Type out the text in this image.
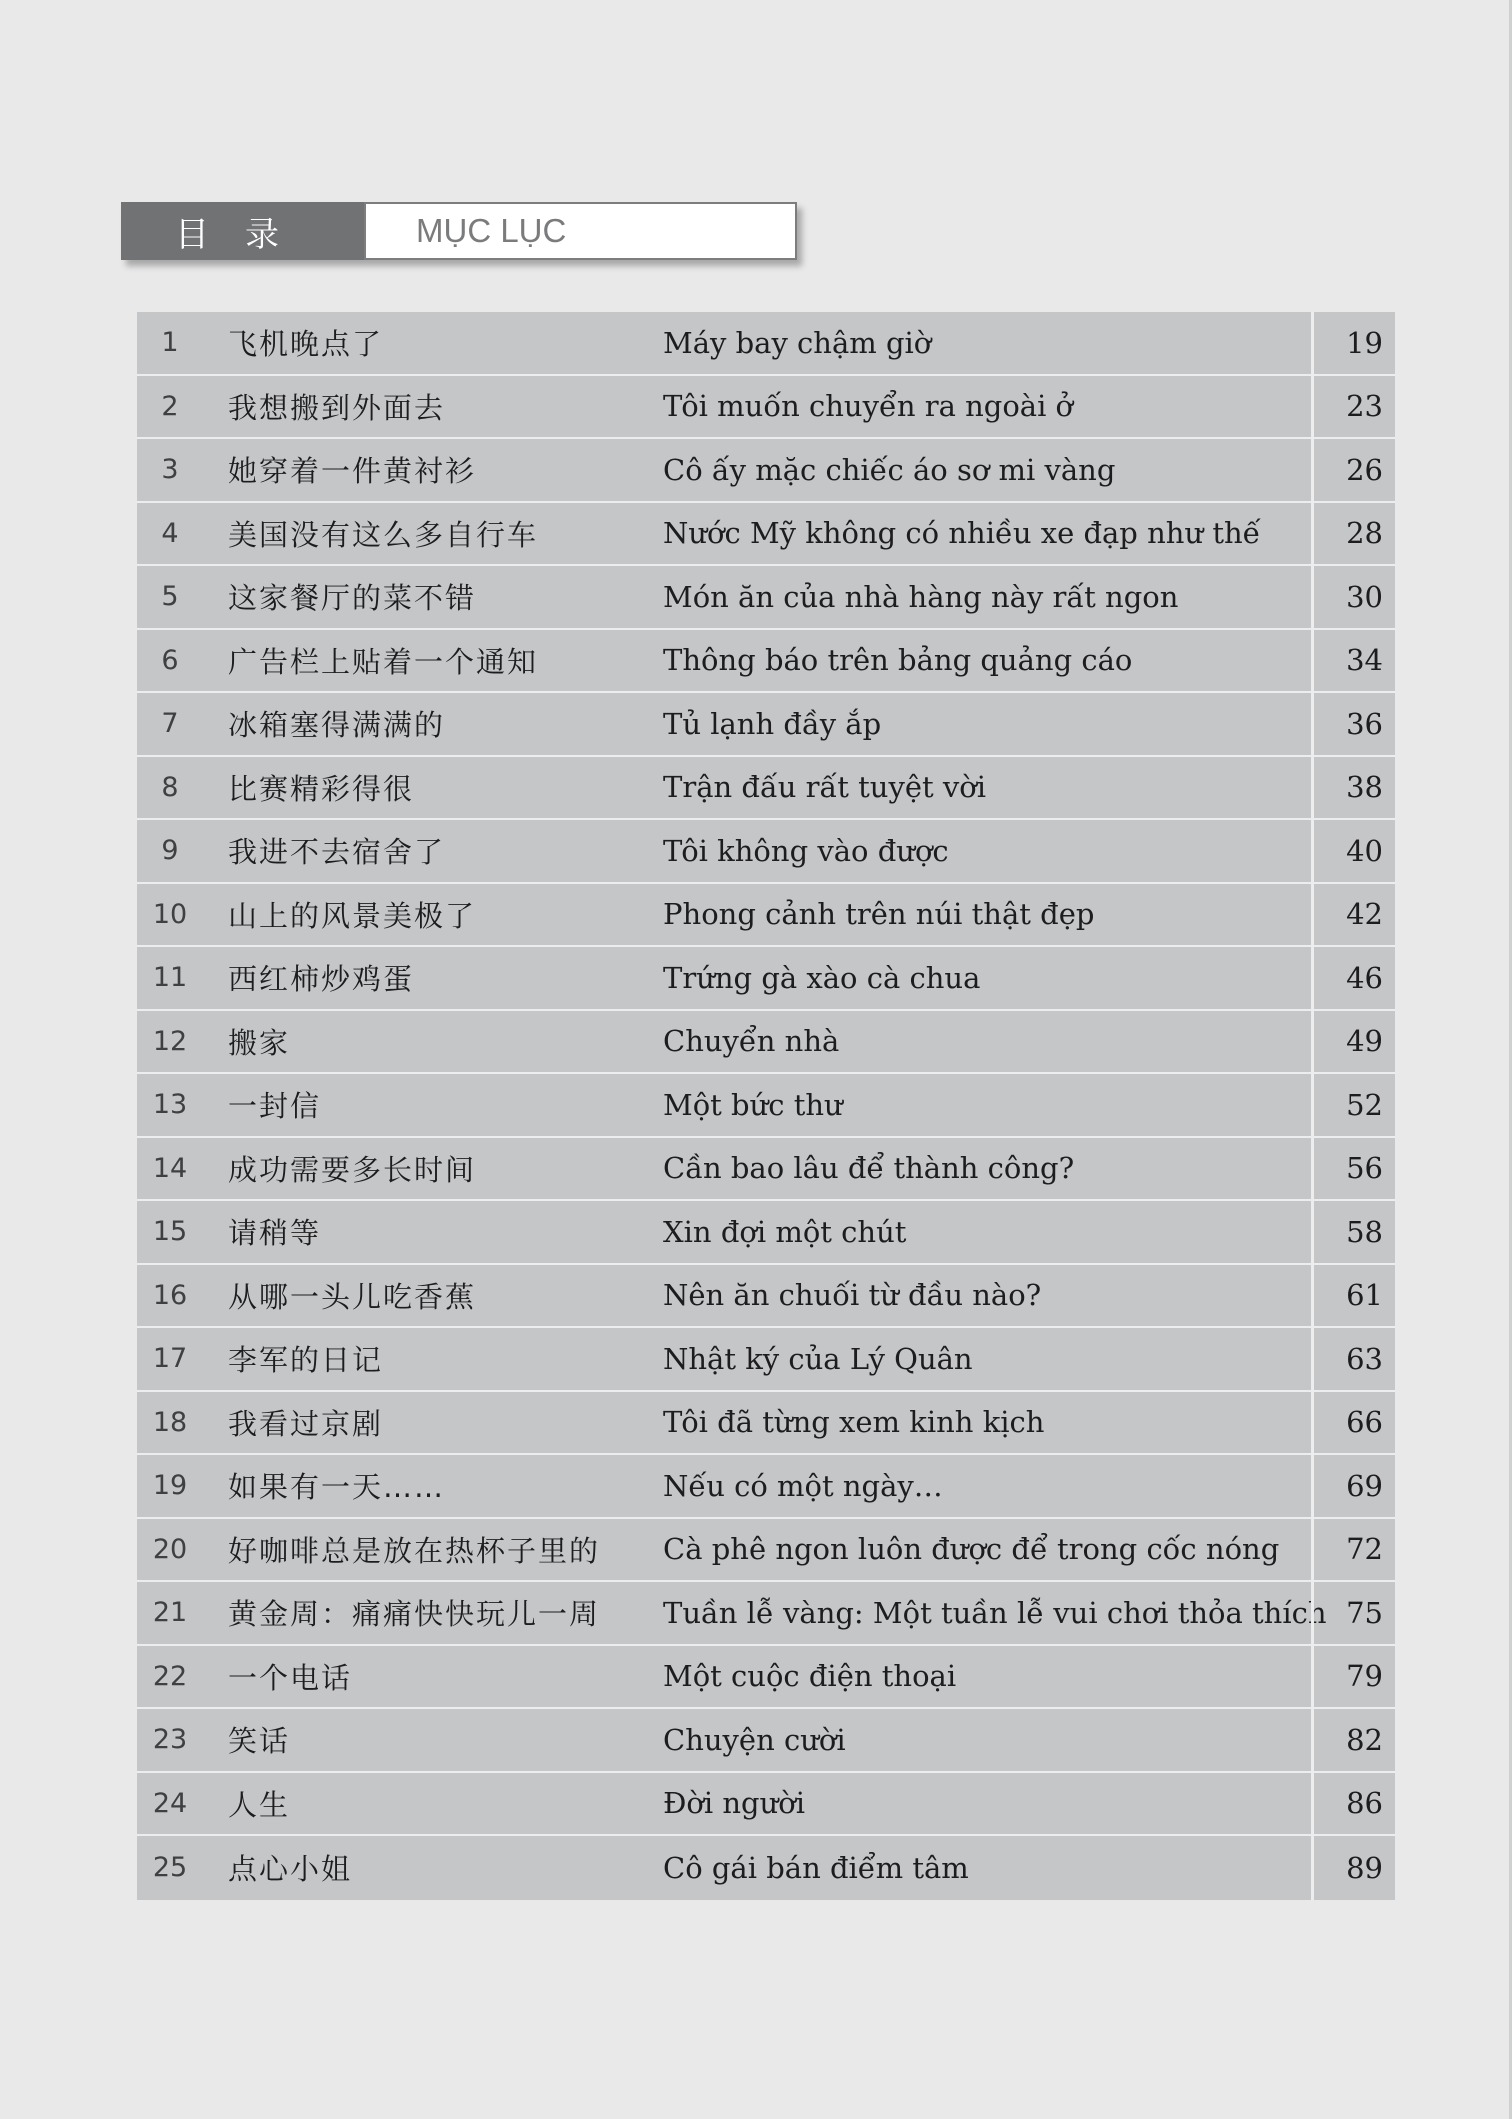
目录	MỤC LỤC
1	飞机晚点了	Máy bay chậm giờ	19
2	我想搬到外面去	Tôi muốn chuyển ra ngoài ở	23
3	她穿着一件黄衬衫	Cô ấy mặc chiếc áo sơ mi vàng	26
4	美国没有这么多自行车	Nước Mỹ không có nhiều xe đạp như thế	28
5	这家餐厅的菜不错	Món ăn của nhà hàng này rất ngon	30
6	广告栏上贴着一个通知	Thông báo trên bảng quảng cáo	34
7	冰箱塞得满满的	Tủ lạnh đầy ắp	36
8	比赛精彩得很	Trận đấu rất tuyệt vời	38
9	我进不去宿舍了	Tôi không vào được	40
10	山上的风景美极了	Phong cảnh trên núi thật đẹp	42
11	西红柿炒鸡蛋	Trứng gà xào cà chua	46
12	搬家	Chuyển nhà	49
13	一封信	Một bức thư	52
14	成功需要多长时间	Cần bao lâu để thành công?	56
15	请稍等	Xin đợi một chút	58
16	从哪一头儿吃香蕉	Nên ăn chuối từ đầu nào?	61
17	李军的日记	Nhật ký của Lý Quân	63
18	我看过京剧	Tôi đã từng xem kinh kịch	66
19	如果有一天……	Nếu có một ngày…	69
20	好咖啡总是放在热杯子里的	Cà phê ngon luôn được để trong cốc nóng	72
21	黄金周：痛痛快快玩儿一周	Tuần lễ vàng: Một tuần lễ vui chơi thỏa thích 75
22	一个电话	Một cuộc điện thoại	79
23	笑话	Chuyện cười	82
24	人生	Đời người	86
25	点心小姐	Cô gái bán điểm tâm	89
